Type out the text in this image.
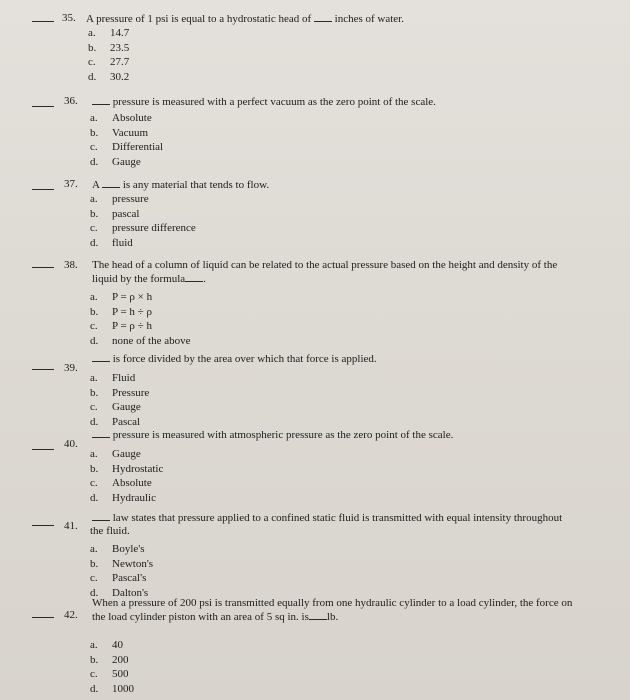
35. A pressure of 1 psi is equal to a hydrostatic head of inches of water.
a. 14.7
b. 23.5
c. 27.7
d. 30.2
36.	pressure is measured with a perfect vacuum as the zero point of the scale.
a. Absolute
b. Vacuum
c. Differential
d. Gauge
37. A is any material that tends to flow.
a. pressure
b. pascal
c. pressure difference
d. fluid
38. The head of a column of liquid can be related to the actual pressure based on the height and density of the
liquid by the formula .
a. P = ρ × h
b. P = h ÷ ρ
c. P = ρ ÷ h
d. none of the above
39.
is force divided by the area over which that force is applied.
a. Fluid
b. Pressure
c. Gauge
d. Pascal
40.
pressure is measured with atmospheric pressure as the zero point of the scale.
a. Gauge
b. Hydrostatic
c. Absolute
d. Hydraulic
41.
law states that pressure applied to a confined static fluid is transmitted with equal intensity throughout
the fluid.
a. Boyle's
b. Newton's
c. Pascal's
d. Dalton's
42.
When a pressure of 200 psi is transmitted equally from one hydraulic cylinder to a load cylinder, the force on
the load cylinder piston with an area of 5 sq in. is lb.
a. 40
b. 200
c. 500
d. 1000
